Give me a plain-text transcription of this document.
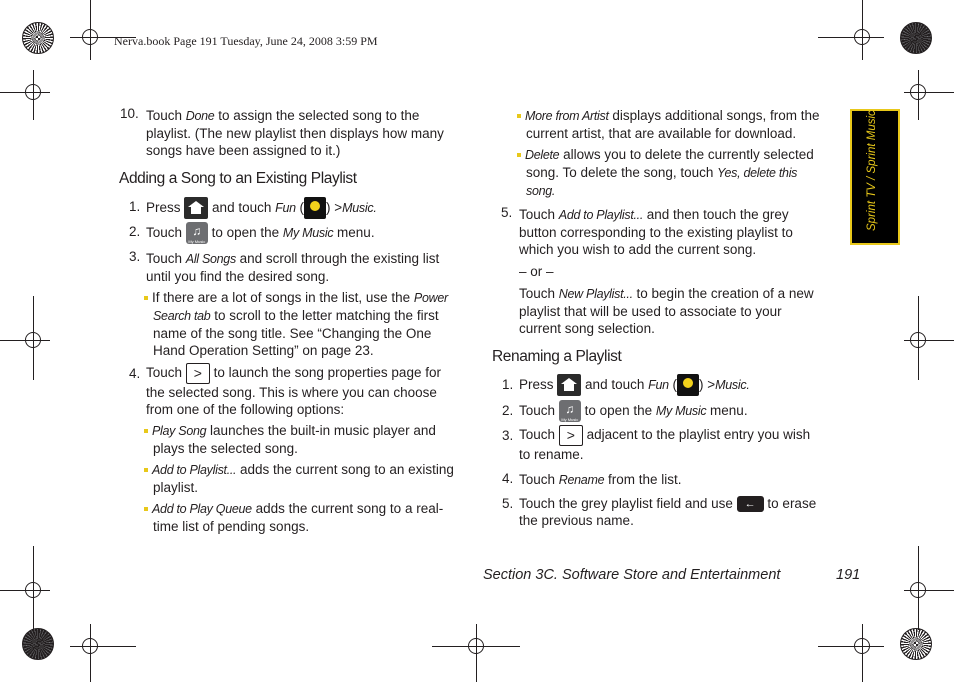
Nerva.book Page 191 Tuesday, June 24, 2008 3:59 PM
Sprint TV / Sprint Music
10. Touch Done to assign the selected song to the
playlist. (The new playlist then displays how many
songs have been assigned to it.)
Adding a Song to an Existing Playlist
1. Press and touch Fun (	Fun ) >Music.
2. Touch ♫
My Music
to open the My Music menu.
3. Touch All Songs and scroll through the existing list
until you find the desired song.
If there are a lot of songs in the list, use the Power
Search tab to scroll to the letter matching the first
name of the song title. See “Changing the One
Hand Operation Setting” on page 23.
4. Touch > to launch the song properties page for
the selected song. This is where you can choose
from one of the following options:
Play Song launches the built-in music player and
plays the selected song.
Add to Playlist... adds the current song to an existing
playlist.
Add to Play Queue adds the current song to a real-
time list of pending songs.
More from Artist displays additional songs, from the
current artist, that are available for download.
Delete allows you to delete the currently selected
song. To delete the song, touch Yes, delete this
song.
5. Touch Add to Playlist... and then touch the grey
button corresponding to the existing playlist to
which you wish to add the current song.
– or –
Touch New Playlist... to begin the creation of a new
playlist that will be used to associate to your
current song selection.
Renaming a Playlist
1. Press and touch Fun (	Fun ) >Music.
2. Touch ♫
My Music
to open the My Music menu.
3. Touch > adjacent to the playlist entry you wish
to rename.
4. Touch Rename from the list.
5. Touch the grey playlist field and use ← to erase
the previous name.
Section 3C. Software Store and Entertainment	191
